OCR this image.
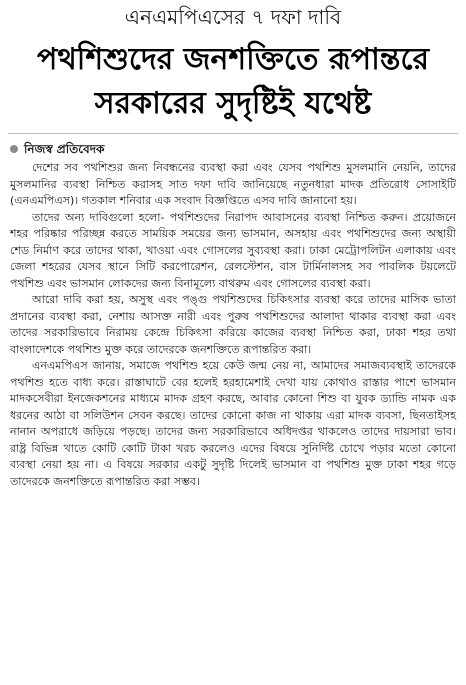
এনএমপিএসের ৭ দফা দাবি
পথশিশুদের জনশক্তিতে রূপান্তরে
সরকারের সুদৃষ্টিই যথেষ্ট
নিজস্ব প্রতিবেদক

দেশের সব পথশিশুর জন্য নিবন্ধনের ব্যবস্থা করা এবং যেসব পথশিশু মুসলমানি নেয়নি, তাদের মুসলমানির ব্যবস্থা নিশ্চিত করাসহ সাত দফা দাবি জানিয়েছে নতুনধারা মাদক প্রতিরোধ সোসাইটি (এনএমপিএস)। গতকাল শনিবার এক সংবাদ বিজ্ঞপ্তিতে এসব দাবি জানানো হয়।

তাদের অন্য দাবিগুলো হলো- পথশিশুদের নিরাপদ আবাসনের ব্যবস্থা নিশ্চিত করুন। প্রয়োজনে শহর পরিষ্কার পরিচ্ছন্ন করতে সাময়িক সময়ের জন্য ভাসমান, অসহায় এবং পথশিশুদের জন্য অস্থায়ী শেড নির্মাণ করে তাদের থাকা, খাওয়া এবং গোসলের সুব্যবস্থা করা। ঢাকা মেট্রোপলিটন এলাকায় এবং জেলা শহরের যেসব স্থানে সিটি করপোরেশন, রেলস্টেশন, বাস টার্মিনালসহ সব পাবলিক টয়লেটে পথশিশু এবং ভাসমান লোকদের জন্য বিনামূল্যে বাথরুম এবং গোসলের ব্যবস্থা করা।

আরো দাবি করা হয়, অসুস্থ এবং পঙ্গু পথশিশুদের চিকিৎসার ব্যবস্থা করে তাদের মাসিক ভাতা প্রদানের ব্যবস্থা করা, নেশায় আসক্ত নারী এবং পুরুষ পথশিশুদের আলাদা থাকার ব্যবস্থা করা এবং তাদের সরকারিভাবে নিরাময় কেন্দ্রে চিকিৎসা করিয়ে কাজের ব্যবস্থা নিশ্চিত করা, ঢাকা শহর তথা বাংলাদেশকে পথশিশু মুক্ত করে তাদেরকে জনশক্তিতে রূপান্তরিত করা।

এনএমপিএস জানায়, সমাজে পথশিশু হয়ে কেউ জন্ম নেয় না, আমাদের সমাজব্যবস্থাই তাদেরকে পথশিশু হতে বাধ্য করে। রাস্তাঘাটে বের হলেই হরহামেশাই দেখা যায় কোথাও রাস্তার পাশে ভাসমান মাদকসেবীরা ইনজেকশনের মাধ্যমে মাদক গ্রহণ করছে, আবার কোনো শিশু বা যুবক ড্যান্ডি নামক এক ধরনের আঠা বা সলিউশন সেবন করছে। তাদের কোনো কাজ না থাকায় এরা মাদক ব্যবসা, ছিনতাইসহ নানান অপরাধে জড়িয়ে পড়ছে। তাদের জন্য সরকারিভাবে অধিদপ্তর থাকলেও তাদের দায়সারা ভাব। রাষ্ট্র বিভিন্ন খাতে কোটি কোটি টাকা খরচ করলেও এদের বিষয়ে সুনির্দিষ্ট চোখে পড়ার মতো কোনো ব্যবস্থা নেয়া হয় না। এ বিষয়ে সরকার একটু সুদৃষ্টি দিলেই ভাসমান বা পথশিশু মুক্ত ঢাকা শহর গড়ে তাদেরকে জনশক্তিতে রূপান্তরিত করা সম্ভব।
